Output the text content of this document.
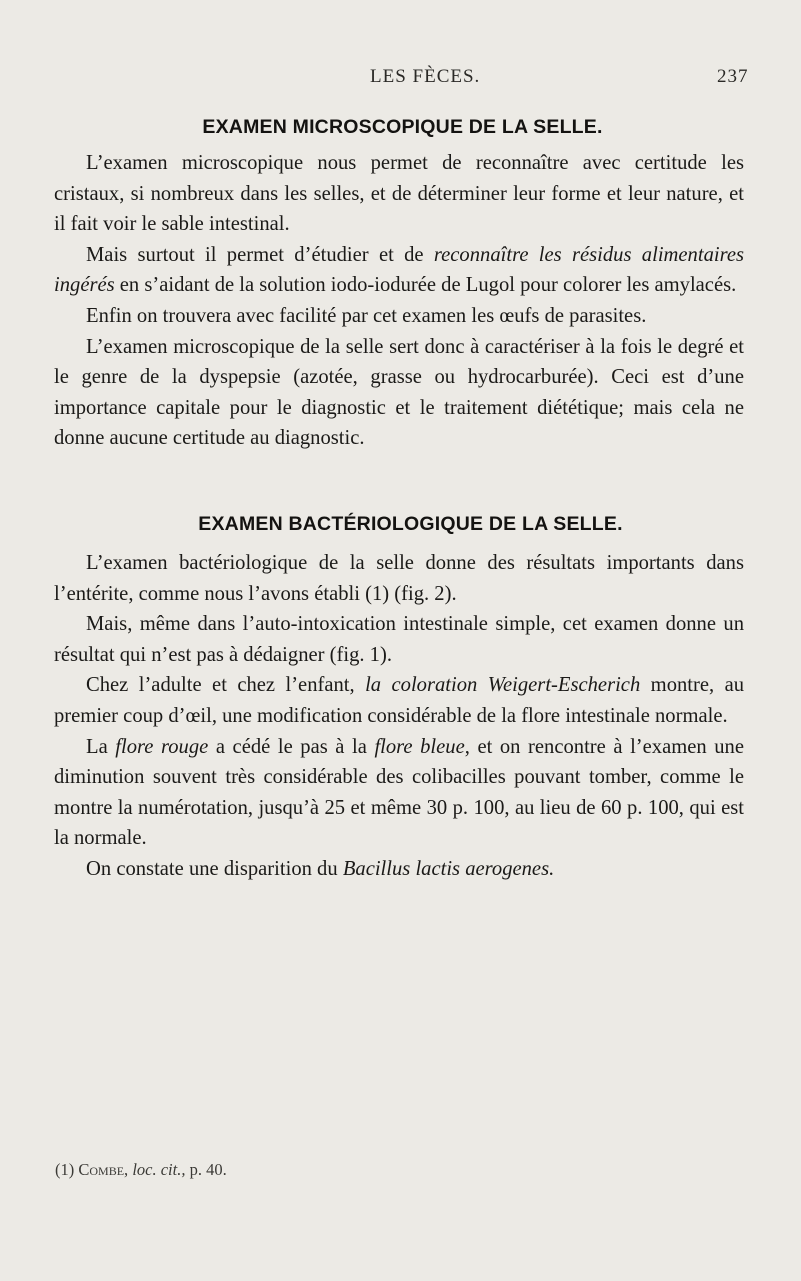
LES FÈCES.	237
EXAMEN MICROSCOPIQUE DE LA SELLE.

L’examen microscopique nous permet de reconnaître avec certitude les cristaux, si nombreux dans les selles, et de déterminer leur forme et leur nature, et il fait voir le sable intestinal.

Mais surtout il permet d’étudier et de reconnaître les résidus alimentaires ingérés en s’aidant de la solution iodo-iodurée de Lugol pour colorer les amylacés.

Enfin on trouvera avec facilité par cet examen les œufs de parasites.

L’examen microscopique de la selle sert donc à caractériser à la fois le degré et le genre de la dyspepsie (azotée, grasse ou hydrocarburée). Ceci est d’une importance capitale pour le diagnostic et le traitement diététique; mais cela ne donne aucune certitude au diagnostic.

EXAMEN BACTÉRIOLOGIQUE DE LA SELLE.

L’examen bactériologique de la selle donne des résultats importants dans l’entérite, comme nous l’avons établi (1) (fig. 2).

Mais, même dans l’auto-intoxication intestinale simple, cet examen donne un résultat qui n’est pas à dédaigner (fig. 1).

Chez l’adulte et chez l’enfant, la coloration Weigert-Escherich montre, au premier coup d’œil, une modification considérable de la flore intestinale normale.

La flore rouge a cédé le pas à la flore bleue, et on rencontre à l’examen une diminution souvent très considérable des colibacilles pouvant tomber, comme le montre la numérotation, jusqu’à 25 et même 30 p. 100, au lieu de 60 p. 100, qui est la normale.

On constate une disparition du Bacillus lactis aerogenes.

(1) Combe, loc. cit., p. 40.
